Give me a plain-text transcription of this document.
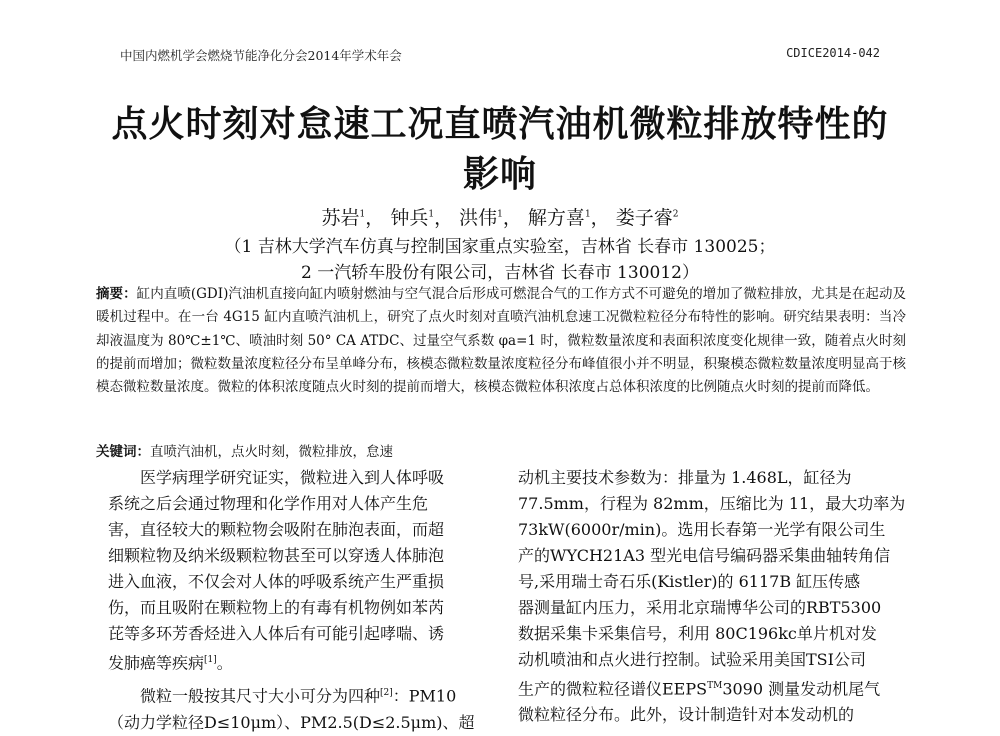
中国内燃机学会燃烧节能净化分会2014年学术年会	CDICE2014-042
点火时刻对怠速工况直喷汽油机微粒排放特性的
影响

苏岩$^1$， 钟兵$^1$， 洪伟$^1$， 解方喜$^1$， 娄子睿$^2$

（1 吉林大学汽车仿真与控制国家重点实验室，吉林省 长春市 130025；

2 一汽轿车股份有限公司，吉林省 长春市 130012）

摘要：缸内直喷(GDI)汽油机直接向缸内喷射燃油与空气混合后形成可燃混合气的工作方式不可避免的增加了微粒排放，尤其是在起动及暖机过程中。在一台 4G15 缸内直喷汽油机上，研究了点火时刻对直喷汽油机怠速工况微粒粒径分布特性的影响。研究结果表明：当冷却液温度为 80℃±1℃、喷油时刻 50° CA ATDC、过量空气系数 φa=1 时，微粒数量浓度和表面积浓度变化规律一致，随着点火时刻的提前而增加；微粒数量浓度粒径分布呈单峰分布，核模态微粒数量浓度粒径分布峰值很小并不明显，积聚模态微粒数量浓度明显高于核模态微粒数量浓度。微粒的体积浓度随点火时刻的提前而增大，核模态微粒体积浓度占总体积浓度的比例随点火时刻的提前而降低。

关键词：直喷汽油机，点火时刻，微粒排放，怠速

医学病理学研究证实，微粒进入到人体呼吸
系统之后会通过物理和化学作用对人体产生危
害，直径较大的颗粒物会吸附在肺泡表面，而超
细颗粒物及纳米级颗粒物甚至可以穿透人体肺泡
进入血液，不仅会对人体的呼吸系统产生严重损
伤，而且吸附在颗粒物上的有毒有机物例如苯芮
芘等多环芳香烃进入人体后有可能引起哮喘、诱
发肺癌等疾病[1]。

微粒一般按其尺寸大小可分为四种[2]：PM10
（动力学粒径D≤10μm）、PM2.5(D≤2.5μm)、超

动机主要技术参数为：排量为 1.468L，缸径为
77.5mm，行程为 82mm，压缩比为 11，最大功率为
73kW(6000r/min)。选用长春第一光学有限公司生
产的WYCH21A3 型光电信号编码器采集曲轴转角信
号,采用瑞士奇石乐(Kistler)的 6117B 缸压传感
器测量缸内压力，采用北京瑞博华公司的RBT5300
数据采集卡采集信号，利用 80C196kc单片机对发
动机喷油和点火进行控制。试验采用美国TSI公司
生产的微粒粒径谱仪EEPS™3090 测量发动机尾气
微粒粒径分布。此外，设计制造针对本发动机的
